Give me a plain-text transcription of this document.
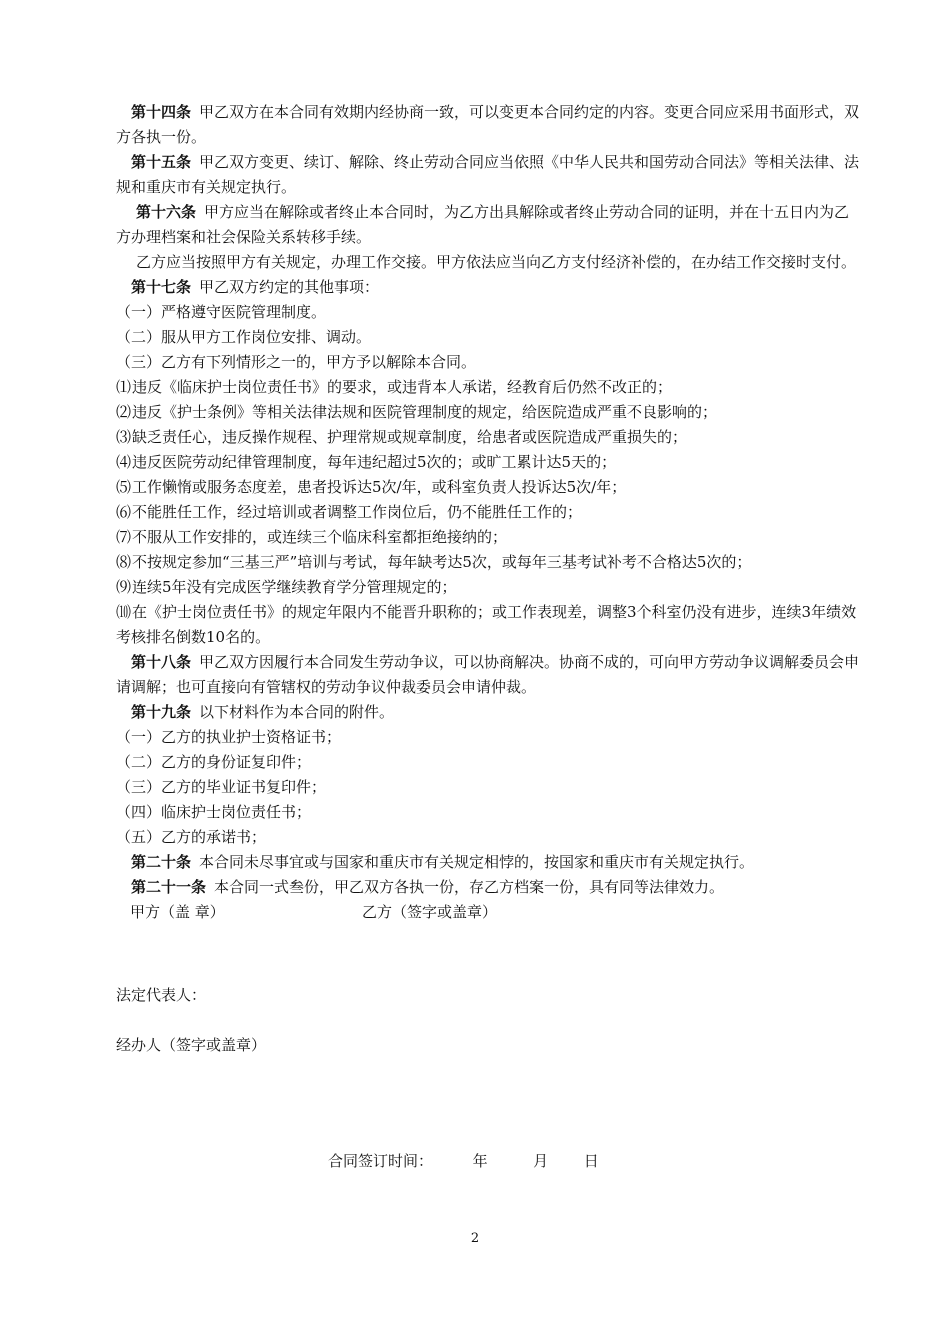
第十四条 甲乙双方在本合同有效期内经协商一致，可以变更本合同约定的内容。变更合同应采用书面形式，双方各执一份。

第十五条 甲乙双方变更、续订、解除、终止劳动合同应当依照《中华人民共和国劳动合同法》等相关法律、法规和重庆市有关规定执行。

第十六条 甲方应当在解除或者终止本合同时，为乙方出具解除或者终止劳动合同的证明，并在十五日内为乙方办理档案和社会保险关系转移手续。

乙方应当按照甲方有关规定，办理工作交接。甲方依法应当向乙方支付经济补偿的，在办结工作交接时支付。

第十七条 甲乙双方约定的其他事项：

（一）严格遵守医院管理制度。

（二）服从甲方工作岗位安排、调动。

（三）乙方有下列情形之一的，甲方予以解除本合同。

⑴违反《临床护士岗位责任书》的要求，或违背本人承诺，经教育后仍然不改正的；

⑵违反《护士条例》等相关法律法规和医院管理制度的规定，给医院造成严重不良影响的；

⑶缺乏责任心，违反操作规程、护理常规或规章制度，给患者或医院造成严重损失的；

⑷违反医院劳动纪律管理制度，每年违纪超过5次的；或旷工累计达5天的；

⑸工作懒惰或服务态度差，患者投诉达5次/年，或科室负责人投诉达5次/年；

⑹不能胜任工作，经过培训或者调整工作岗位后，仍不能胜任工作的；

⑺不服从工作安排的，或连续三个临床科室都拒绝接纳的；

⑻不按规定参加“三基三严”培训与考试，每年缺考达5次，或每年三基考试补考不合格达5次的；

⑼连续5年没有完成医学继续教育学分管理规定的；

⑽在《护士岗位责任书》的规定年限内不能晋升职称的；或工作表现差，调整3个科室仍没有进步，连续3年绩效考核排名倒数10名的。

第十八条 甲乙双方因履行本合同发生劳动争议，可以协商解决。协商不成的，可向甲方劳动争议调解委员会申请调解；也可直接向有管辖权的劳动争议仲裁委员会申请仲裁。

第十九条 以下材料作为本合同的附件。

（一）乙方的执业护士资格证书；

（二）乙方的身份证复印件；

（三）乙方的毕业证书复印件；

（四）临床护士岗位责任书；

（五）乙方的承诺书；

第二十条 本合同未尽事宜或与国家和重庆市有关规定相悖的，按国家和重庆市有关规定执行。

第二十一条 本合同一式叁份，甲乙双方各执一份，存乙方档案一份，具有同等法律效力。

甲方（盖 章）	乙方（签字或盖章）

法定代表人：

经办人（签字或盖章）

合同签订时间：	年	月 日
2
